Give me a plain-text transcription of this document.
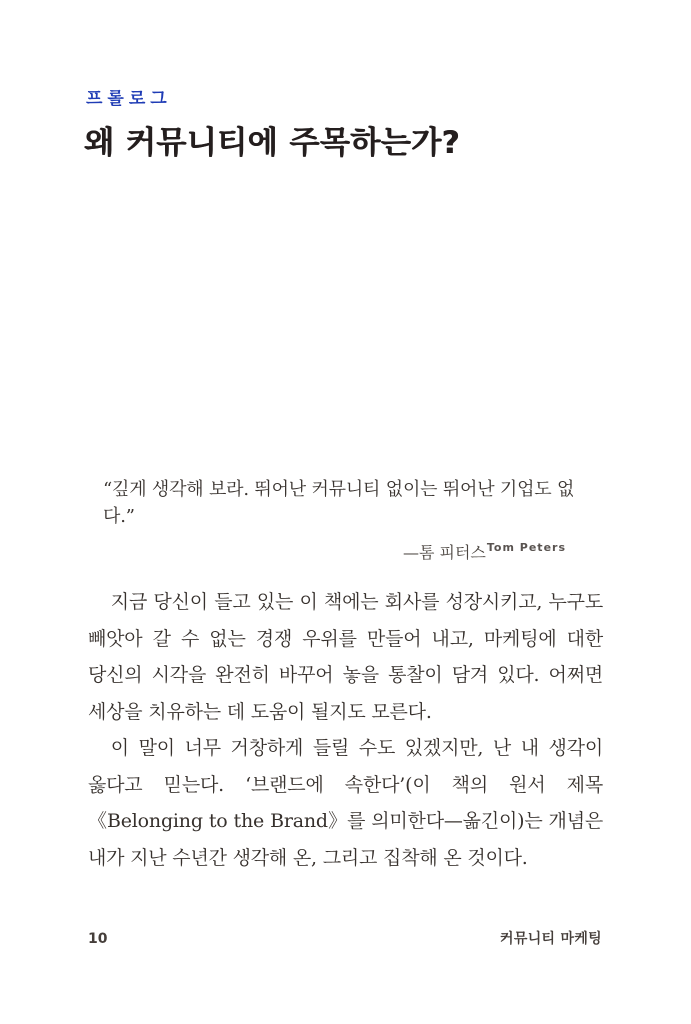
프롤로그
왜 커뮤니티에 주목하는가?

“깊게 생각해 보라. 뛰어난 커뮤니티 없이는 뛰어난 기업도 없다.”

—톰 피터스$^{Tom Peters}$

지금 당신이 들고 있는 이 책에는 회사를 성장시키고, 누구도 빼앗아 갈 수 없는 경쟁 우위를 만들어 내고, 마케팅에 대한 당신의 시각을 완전히 바꾸어 놓을 통찰이 담겨 있다. 어쩌면 세상을 치유하는 데 도움이 될지도 모른다.

이 말이 너무 거창하게 들릴 수도 있겠지만, 난 내 생각이 옳다고 믿는다. ‘브랜드에 속한다’(이 책의 원서 제목 《Belonging to the Brand》를 의미한다—옮긴이)는 개념은 내가 지난 수년간 생각해 온, 그리고 집착해 온 것이다.

10	커뮤니티 마케팅
